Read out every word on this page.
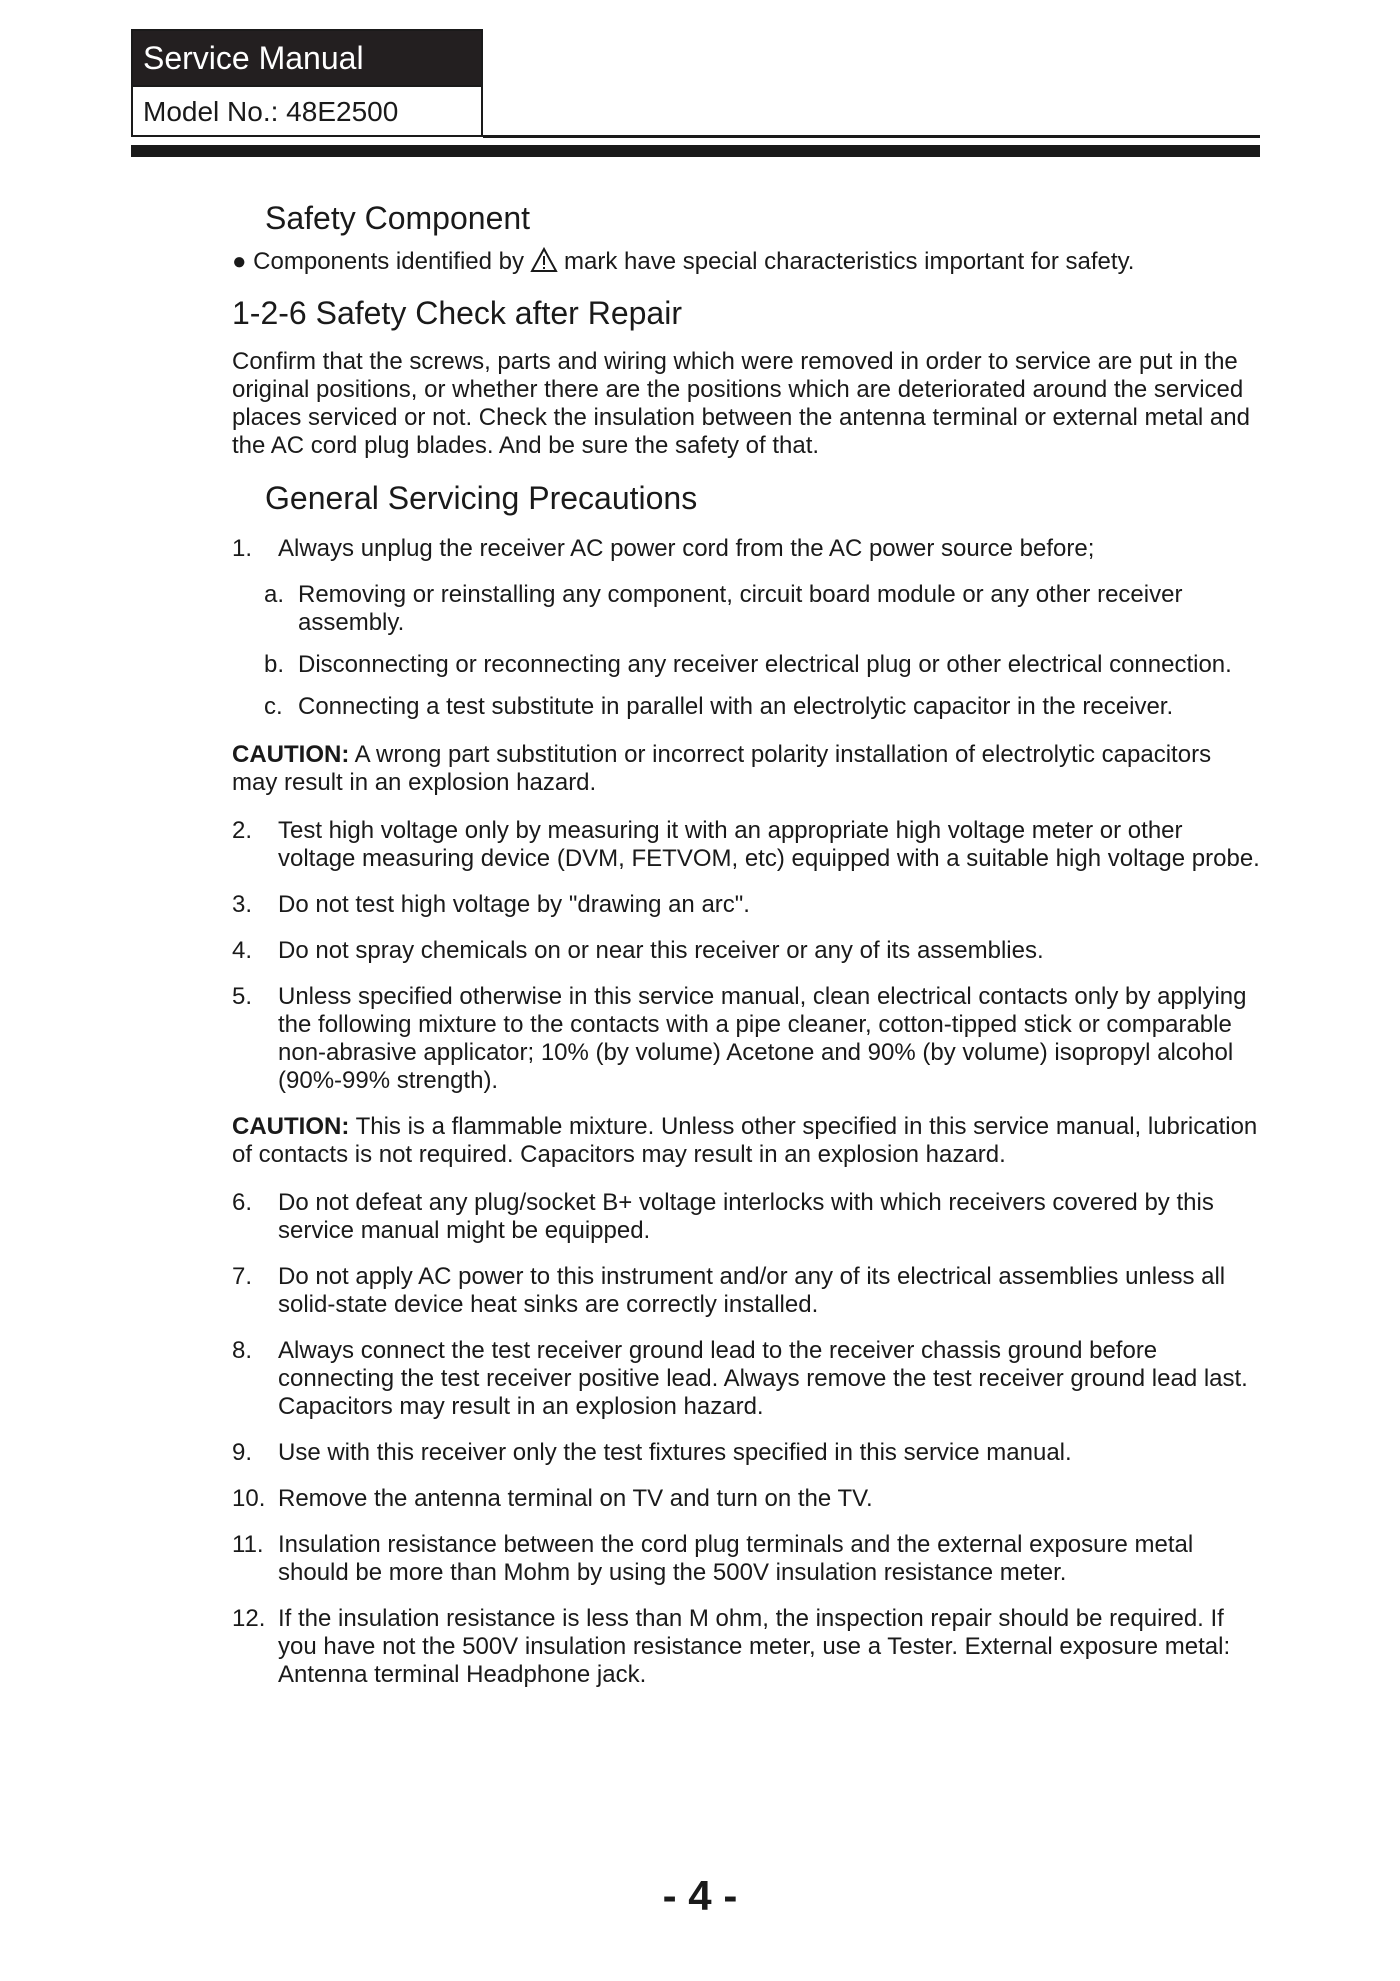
Service Manual
Model No.: 48E2500
Safety Component

● Components identified by mark have special characteristics important for safety.

1-2-6 Safety Check after Repair

Confirm that the screws, parts and wiring which were removed in order to service are put in the original positions, or whether there are the positions which are deteriorated around the serviced places serviced or not. Check the insulation between the antenna terminal or external metal and the AC cord plug blades. And be sure the safety of that.

General Servicing Precautions
1.	Always unplug the receiver AC power cord from the AC power source before;
a. Removing or reinstalling any component, circuit board module or any other receiver assembly.
b. Disconnecting or reconnecting any receiver electrical plug or other electrical connection.
c. Connecting a test substitute in parallel with an electrolytic capacitor in the receiver.

CAUTION: A wrong part substitution or incorrect polarity installation of electrolytic capacitors may result in an explosion hazard.

2.	Test high voltage only by measuring it with an appropriate high voltage meter or other voltage measuring device (DVM, FETVOM, etc) equipped with a suitable high voltage probe.
3.	Do not test high voltage by "drawing an arc".
4.	Do not spray chemicals on or near this receiver or any of its assemblies.
5.	Unless specified otherwise in this service manual, clean electrical contacts only by applying the following mixture to the contacts with a pipe cleaner, cotton-tipped stick or comparable non-abrasive applicator; 10% (by volume) Acetone and 90% (by volume) isopropyl alcohol (90%-99% strength).

CAUTION: This is a flammable mixture. Unless other specified in this service manual, lubrication of contacts is not required. Capacitors may result in an explosion hazard.

6.	Do not defeat any plug/socket B+ voltage interlocks with which receivers covered by this service manual might be equipped.
7.	Do not apply AC power to this instrument and/or any of its electrical assemblies unless all solid-state device heat sinks are correctly installed.
8.	Always connect the test receiver ground lead to the receiver chassis ground before connecting the test receiver positive lead. Always remove the test receiver ground lead last. Capacitors may result in an explosion hazard.
9.	Use with this receiver only the test fixtures specified in this service manual.
10. Remove the antenna terminal on TV and turn on the TV.
11. Insulation resistance between the cord plug terminals and the external exposure metal should be more than Mohm by using the 500V insulation resistance meter.
12. If the insulation resistance is less than M ohm, the inspection repair should be required. If you have not the 500V insulation resistance meter, use a Tester. External exposure metal: Antenna terminal Headphone jack.
- 4 -
